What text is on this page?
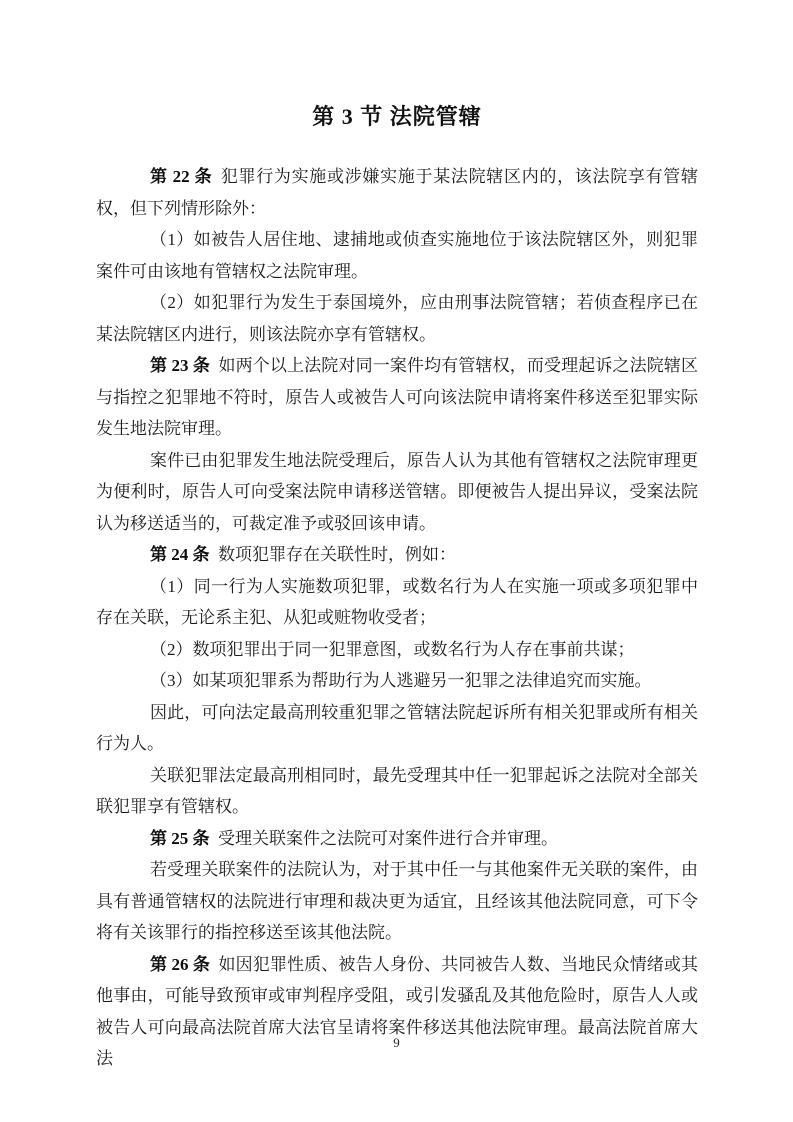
第 3 节 法院管辖

第 22 条 犯罪行为实施或涉嫌实施于某法院辖区内的，该法院享有管辖权，但下列情形除外：

（1）如被告人居住地、逮捕地或侦查实施地位于该法院辖区外，则犯罪案件可由该地有管辖权之法院审理。

（2）如犯罪行为发生于泰国境外，应由刑事法院管辖；若侦查程序已在某法院辖区内进行，则该法院亦享有管辖权。

第 23 条 如两个以上法院对同一案件均有管辖权，而受理起诉之法院辖区与指控之犯罪地不符时，原告人或被告人可向该法院申请将案件移送至犯罪实际发生地法院审理。

案件已由犯罪发生地法院受理后，原告人认为其他有管辖权之法院审理更为便利时，原告人可向受案法院申请移送管辖。即便被告人提出异议，受案法院认为移送适当的，可裁定准予或驳回该申请。

第 24 条 数项犯罪存在关联性时，例如：

（1）同一行为人实施数项犯罪，或数名行为人在实施一项或多项犯罪中存在关联，无论系主犯、从犯或赃物收受者；

（2）数项犯罪出于同一犯罪意图，或数名行为人存在事前共谋；

（3）如某项犯罪系为帮助行为人逃避另一犯罪之法律追究而实施。

因此，可向法定最高刑较重犯罪之管辖法院起诉所有相关犯罪或所有相关行为人。

关联犯罪法定最高刑相同时，最先受理其中任一犯罪起诉之法院对全部关联犯罪享有管辖权。

第 25 条 受理关联案件之法院可对案件进行合并审理。

若受理关联案件的法院认为，对于其中任一与其他案件无关联的案件，由具有普通管辖权的法院进行审理和裁决更为适宜，且经该其他法院同意，可下令将有关该罪行的指控移送至该其他法院。

第 26 条 如因犯罪性质、被告人身份、共同被告人数、当地民众情绪或其他事由，可能导致预审或审判程序受阻，或引发骚乱及其他危险时，原告人人或被告人可向最高法院首席大法官呈请将案件移送其他法院审理。最高法院首席大法

9
